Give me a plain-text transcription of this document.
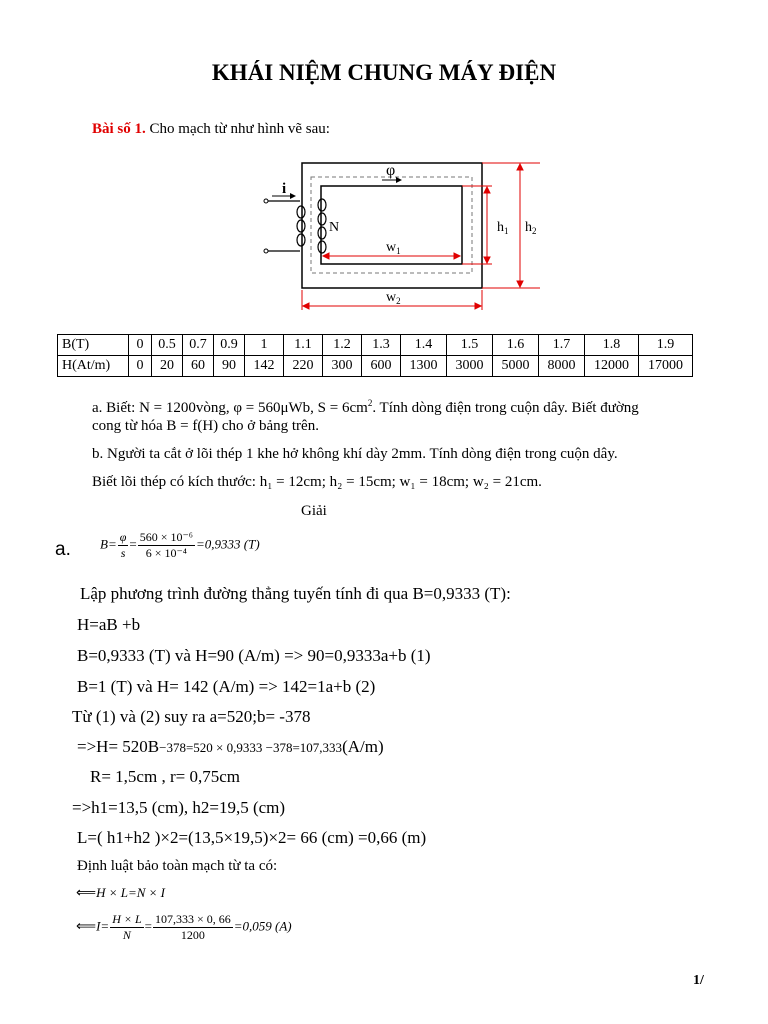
KHÁI NIỆM CHUNG MÁY ĐIỆN
Bài số 1. Cho mạch từ như hình vẽ sau:
φ
i
N	$h_1$ $h_2$
$w_1$
$w_2$
B(T)	0	0.5	0.7	0.9	1	1.1	1.2	1.3	1.4	1.5	1.6	1.7	1.8	1.9
H(At/m)	0	20	60	90	142	220	300	600	1300	3000	5000	8000	12000	17000
a. Biết: N = 1200vòng, φ = 560μWb, $S = 6cm^2$. Tính dòng điện trong cuộn dây. Biết đường
cong từ hóa B = f(H) cho ở bảng trên.
b. Người ta cắt ở lõi thép 1 khe hở không khí dày 2mm. Tính dòng điện trong cuộn dây.
Biết lõi thép có kích thước: h₁ = 12cm; h₂ = 15cm; w₁ = 18cm; w₂ = 21cm.
Giải
a. $B= \frac{\varphi}{s} = \frac{\text{560 × 10⁻⁶}}{\text{6 × 10⁻⁴}} =0,9333$ (T)
Lập phương trình đường thẳng tuyến tính đi qua B=0,9333 (T):
H=aB +b
B=0,9333 (T) và H=90 (A/m) => 90=0,9333a+b (1)
B=1 (T) và H= 142 (A/m) => 142=1a+b (2)
Từ (1) và (2) suy ra a=520;b= -378
=>H= 520B−378=520 × 0,9333 −378=107,333(A/m)
R= 1,5cm , r= 0,75cm
=>h1=13,5 (cm), h2=19,5 (cm)
L=( h1+h2 )×2=(13,5×19,5)×2= 66 (cm) =0,66 (m)
Định luật bảo toàn mạch từ ta có:
⟸H × L=N × I
⟸I= $\frac{H \times L}{N} = \frac{107,333 \times 0, 66}{1200} =0,059$ (A)
1/
